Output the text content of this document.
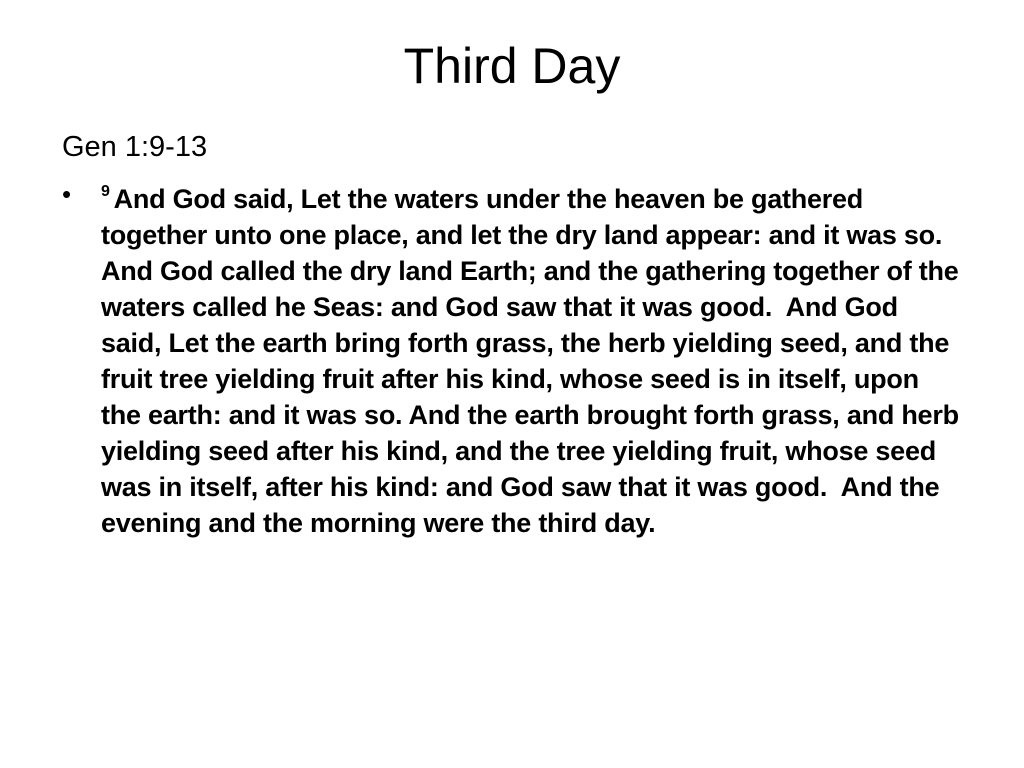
Third Day
Gen 1:9-13
• $^9$ And God said, Let the waters under the heaven be gathered together unto one place, and let the dry land appear: and it was so.  And God called the dry land Earth; and the gathering together of the waters called he Seas: and God saw that it was good.  And God said, Let the earth bring forth grass, the herb yielding seed, and the fruit tree yielding fruit after his kind, whose seed is in itself, upon the earth: and it was so. And the earth brought forth grass, and herb yielding seed after his kind, and the tree yielding fruit, whose seed was in itself, after his kind: and God saw that it was good.  And the evening and the morning were the third day.
